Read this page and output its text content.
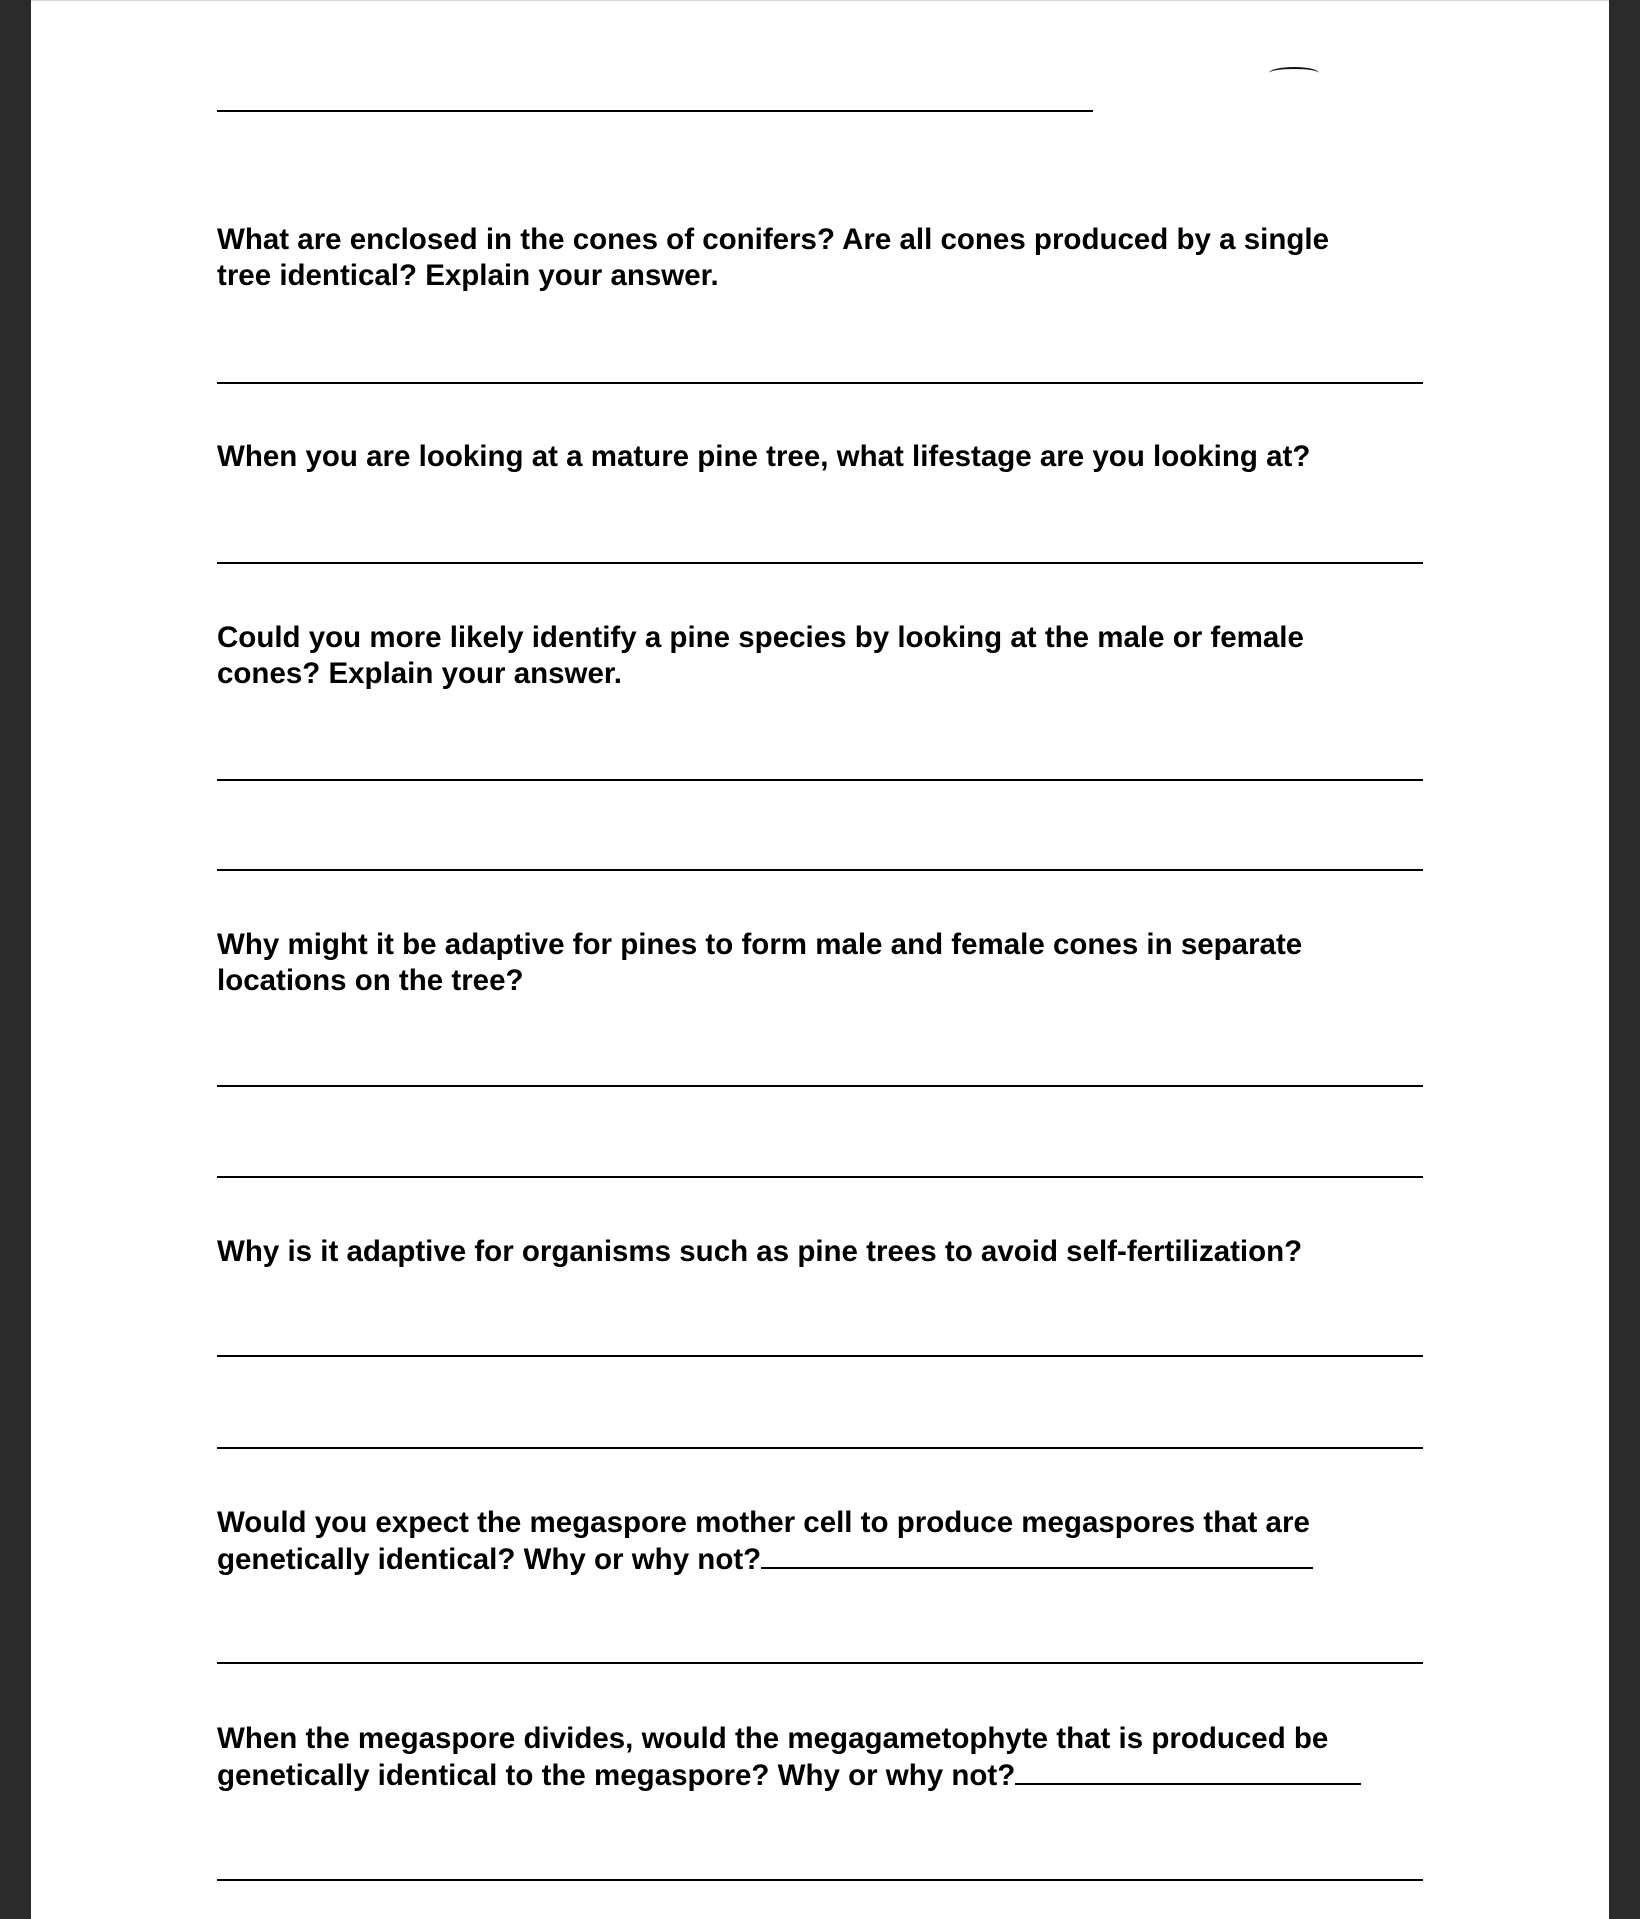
What are enclosed in the cones of conifers? Are all cones produced by a single
tree identical? Explain your answer.
When you are looking at a mature pine tree, what lifestage are you looking at?
Could you more likely identify a pine species by looking at the male or female
cones? Explain your answer.
Why might it be adaptive for pines to form male and female cones in separate
locations on the tree?
Why is it adaptive for organisms such as pine trees to avoid self-fertilization?
Would you expect the megaspore mother cell to produce megaspores that are
genetically identical? Why or why not?
When the megaspore divides, would the megagametophyte that is produced be
genetically identical to the megaspore? Why or why not?
